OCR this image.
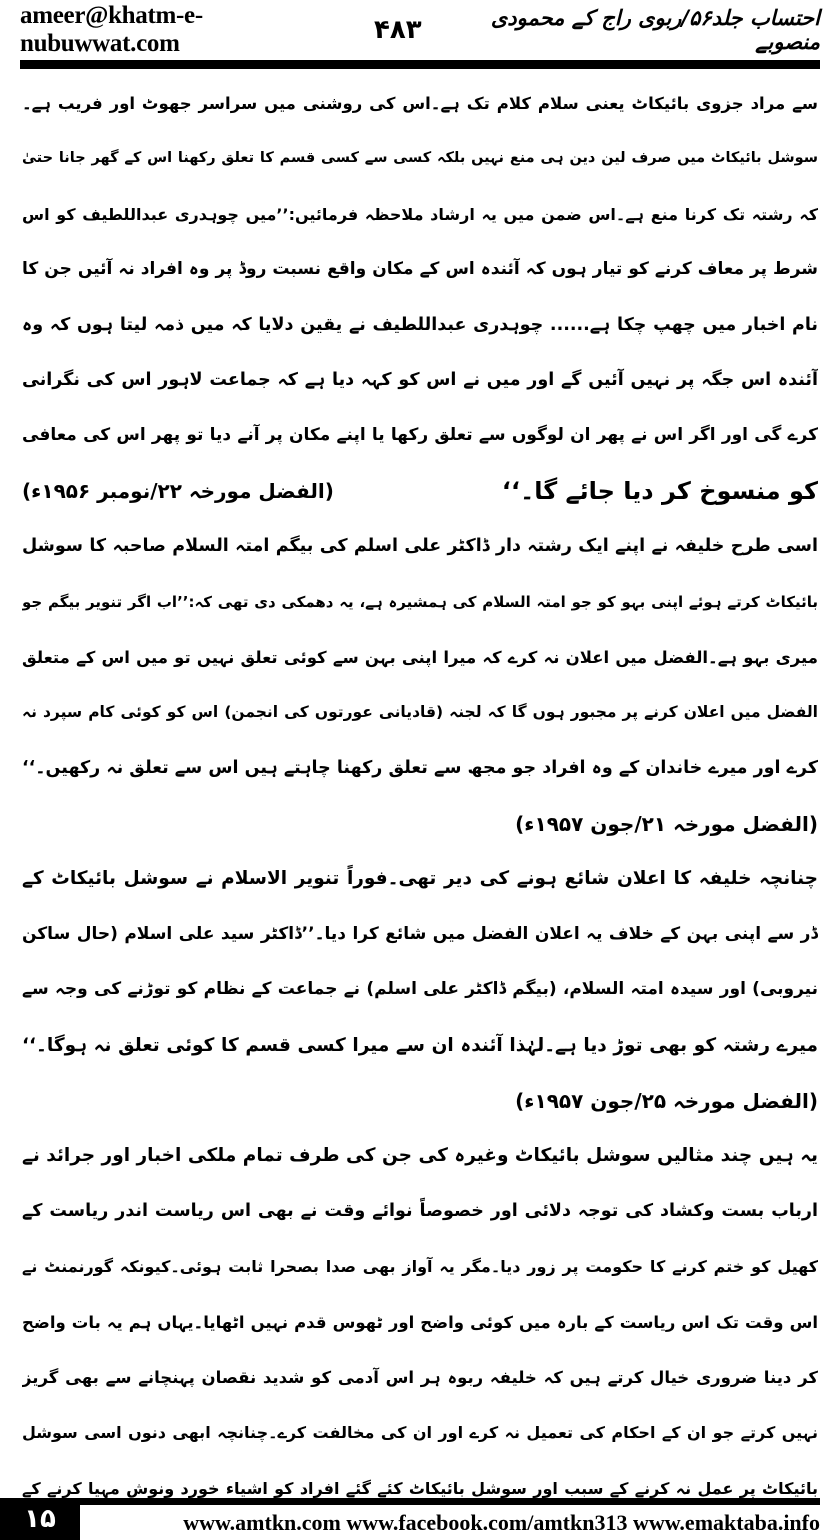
ameer@khatm-e-nubuwwat.com	۴۸۳	احتساب جلد۵۶/ربوی راج کے محمودی منصوبے
سے مراد جزوی بائیکاٹ یعنی سلام کلام تک ہے۔اس کی روشنی میں سراسر جھوٹ اور فریب ہے۔
سوشل بائیکاٹ میں صرف لین دین ہی منع نہیں بلکہ کسی سے کسی قسم کا تعلق رکھنا اس کے گھر جانا حتیٰ
کہ رشتہ تک کرنا منع ہے۔اس ضمن میں یہ ارشاد ملاحظہ فرمائیں:’’میں چوہدری عبداللطیف کو اس
شرط پر معاف کرنے کو تیار ہوں کہ آئندہ اس کے مکان واقع نسبت روڈ پر وہ افراد نہ آئیں جن کا
نام اخبار میں چھپ چکا ہے...... چوہدری عبداللطیف نے یقین دلایا کہ میں ذمہ لیتا ہوں کہ وہ
آئندہ اس جگہ پر نہیں آئیں گے اور میں نے اس کو کہہ دیا ہے کہ جماعت لاہور اس کی نگرانی
کرے گی اور اگر اس نے پھر ان لوگوں سے تعلق رکھا یا اپنے مکان پر آنے دیا تو پھر اس کی معافی
کو منسوخ کر دیا جائے گا۔‘‘
(الفضل مورخہ ۲۲/نومبر ۱۹۵۶ء)
اسی طرح خلیفہ نے اپنے ایک رشتہ دار ڈاکٹر علی اسلم کی بیگم امتہ السلام صاحبہ کا سوشل
بائیکاٹ کرتے ہوئے اپنی بہو کو جو امتہ السلام کی ہمشیرہ ہے، یہ دھمکی دی تھی کہ:’’اب اگر تنویر بیگم جو
میری بہو ہے۔الفضل میں اعلان نہ کرے کہ میرا اپنی بہن سے کوئی تعلق نہیں تو میں اس کے متعلق
الفضل میں اعلان کرنے پر مجبور ہوں گا کہ لجنہ (قادیانی عورتوں کی انجمن) اس کو کوئی کام سپرد نہ
کرے اور میرے خاندان کے وہ افراد جو مجھ سے تعلق رکھنا چاہتے ہیں اس سے تعلق نہ رکھیں۔‘‘
(الفضل مورخہ ۲۱/جون ۱۹۵۷ء)
چنانچہ خلیفہ کا اعلان شائع ہونے کی دیر تھی۔فوراً تنویر الاسلام نے سوشل بائیکاٹ کے
ڈر سے اپنی بہن کے خلاف یہ اعلان الفضل میں شائع کرا دیا۔’’ڈاکٹر سید علی اسلام (حال ساکن
نیروبی) اور سیدہ امتہ السلام، (بیگم ڈاکٹر علی اسلم) نے جماعت کے نظام کو توڑنے کی وجہ سے
میرے رشتہ کو بھی توڑ دیا ہے۔لہٰذا آئندہ ان سے میرا کسی قسم کا کوئی تعلق نہ ہوگا۔‘‘
(الفضل مورخہ ۲۵/جون ۱۹۵۷ء)
یہ ہیں چند مثالیں سوشل بائیکاٹ وغیرہ کی جن کی طرف تمام ملکی اخبار اور جرائد نے
ارباب بست وکشاد کی توجہ دلائی اور خصوصاً نوائے وقت نے بھی اس ریاست اندر ریاست کے
کھیل کو ختم کرنے کا حکومت پر زور دیا۔مگر یہ آواز بھی صدا بصحرا ثابت ہوئی۔کیونکہ گورنمنٹ نے
اس وقت تک اس ریاست کے بارہ میں کوئی واضح اور ٹھوس قدم نہیں اٹھایا۔یہاں ہم یہ بات واضح
کر دینا ضروری خیال کرتے ہیں کہ خلیفہ ربوہ ہر اس آدمی کو شدید نقصان پہنچانے سے بھی گریز
نہیں کرتے جو ان کے احکام کی تعمیل نہ کرے اور ان کی مخالفت کرے۔چنانچہ ابھی دنوں اسی سوشل
بائیکاٹ پر عمل نہ کرنے کے سبب اور سوشل بائیکاٹ کئے گئے افراد کو اشیاء خورد ونوش مہیا کرنے کے
۱۵	www.amtkn.com www.facebook.com/amtkn313 www.emaktaba.info
